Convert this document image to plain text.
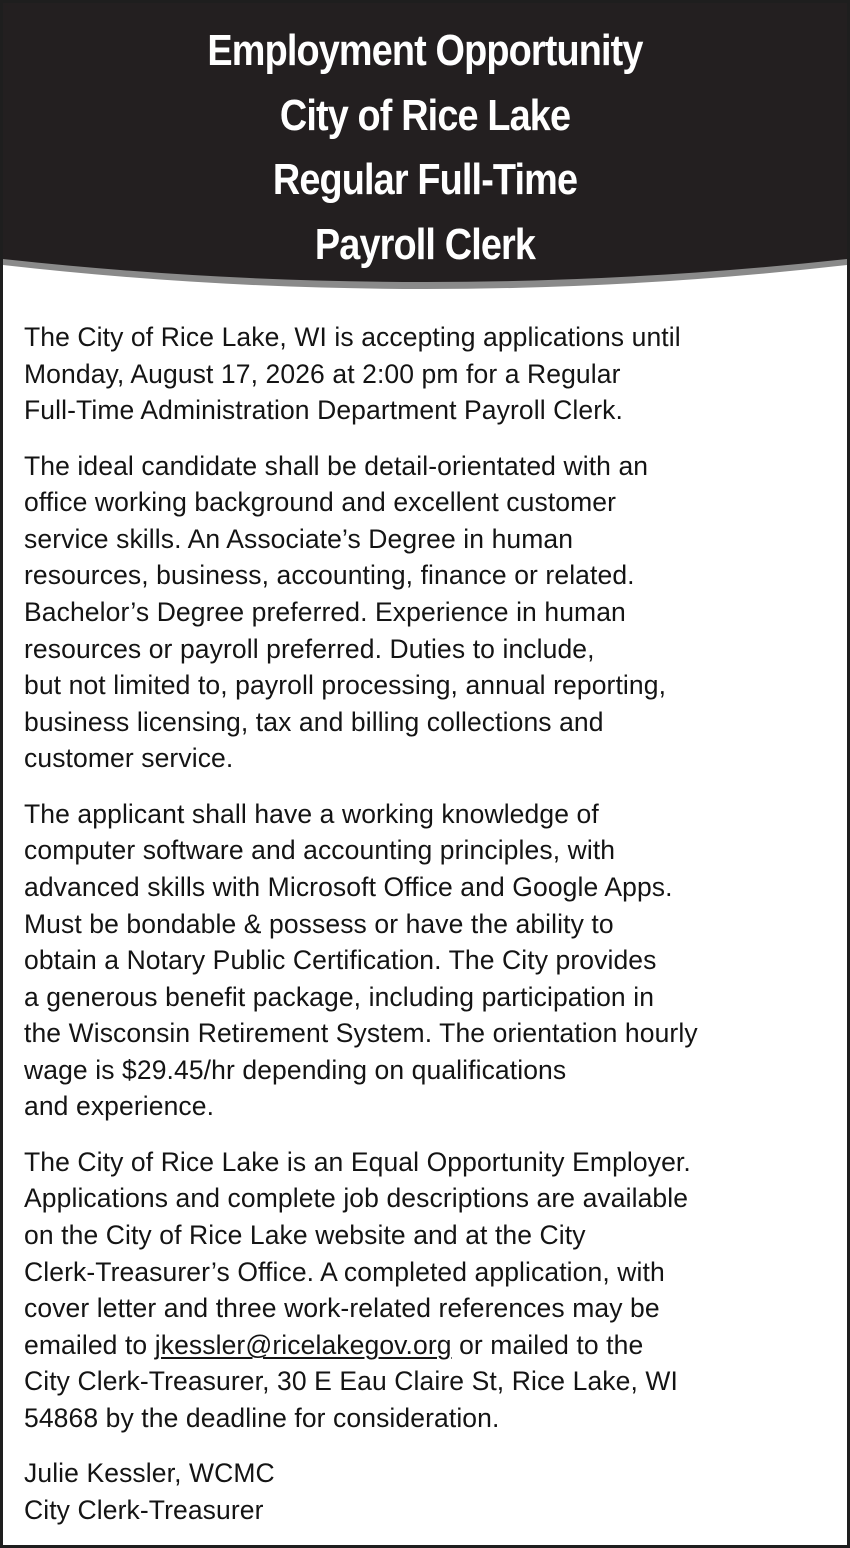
Employment Opportunity
City of Rice Lake
Regular Full-Time
Payroll Clerk

The City of Rice Lake, WI is accepting applications until
Monday, August 17, 2026 at 2:00 pm for a Regular
Full-Time Administration Department Payroll Clerk.

The ideal candidate shall be detail-orientated with an
office working background and excellent customer
service skills. An Associate’s Degree in human
resources, business, accounting, finance or related.
Bachelor’s Degree preferred. Experience in human
resources or payroll preferred. Duties to include,
but not limited to, payroll processing, annual reporting,
business licensing, tax and billing collections and
customer service.

The applicant shall have a working knowledge of
computer software and accounting principles, with
advanced skills with Microsoft Office and Google Apps.
Must be bondable & possess or have the ability to
obtain a Notary Public Certification. The City provides
a generous benefit package, including participation in
the Wisconsin Retirement System. The orientation hourly
wage is $29.45/hr depending on qualifications
and experience.

The City of Rice Lake is an Equal Opportunity Employer.
Applications and complete job descriptions are available
on the City of Rice Lake website and at the City
Clerk-Treasurer’s Office. A completed application, with
cover letter and three work-related references may be
emailed to jkessler@ricelakegov.org or mailed to the
City Clerk-Treasurer, 30 E Eau Claire St, Rice Lake, WI
54868 by the deadline for consideration.

Julie Kessler, WCMC
City Clerk-Treasurer
